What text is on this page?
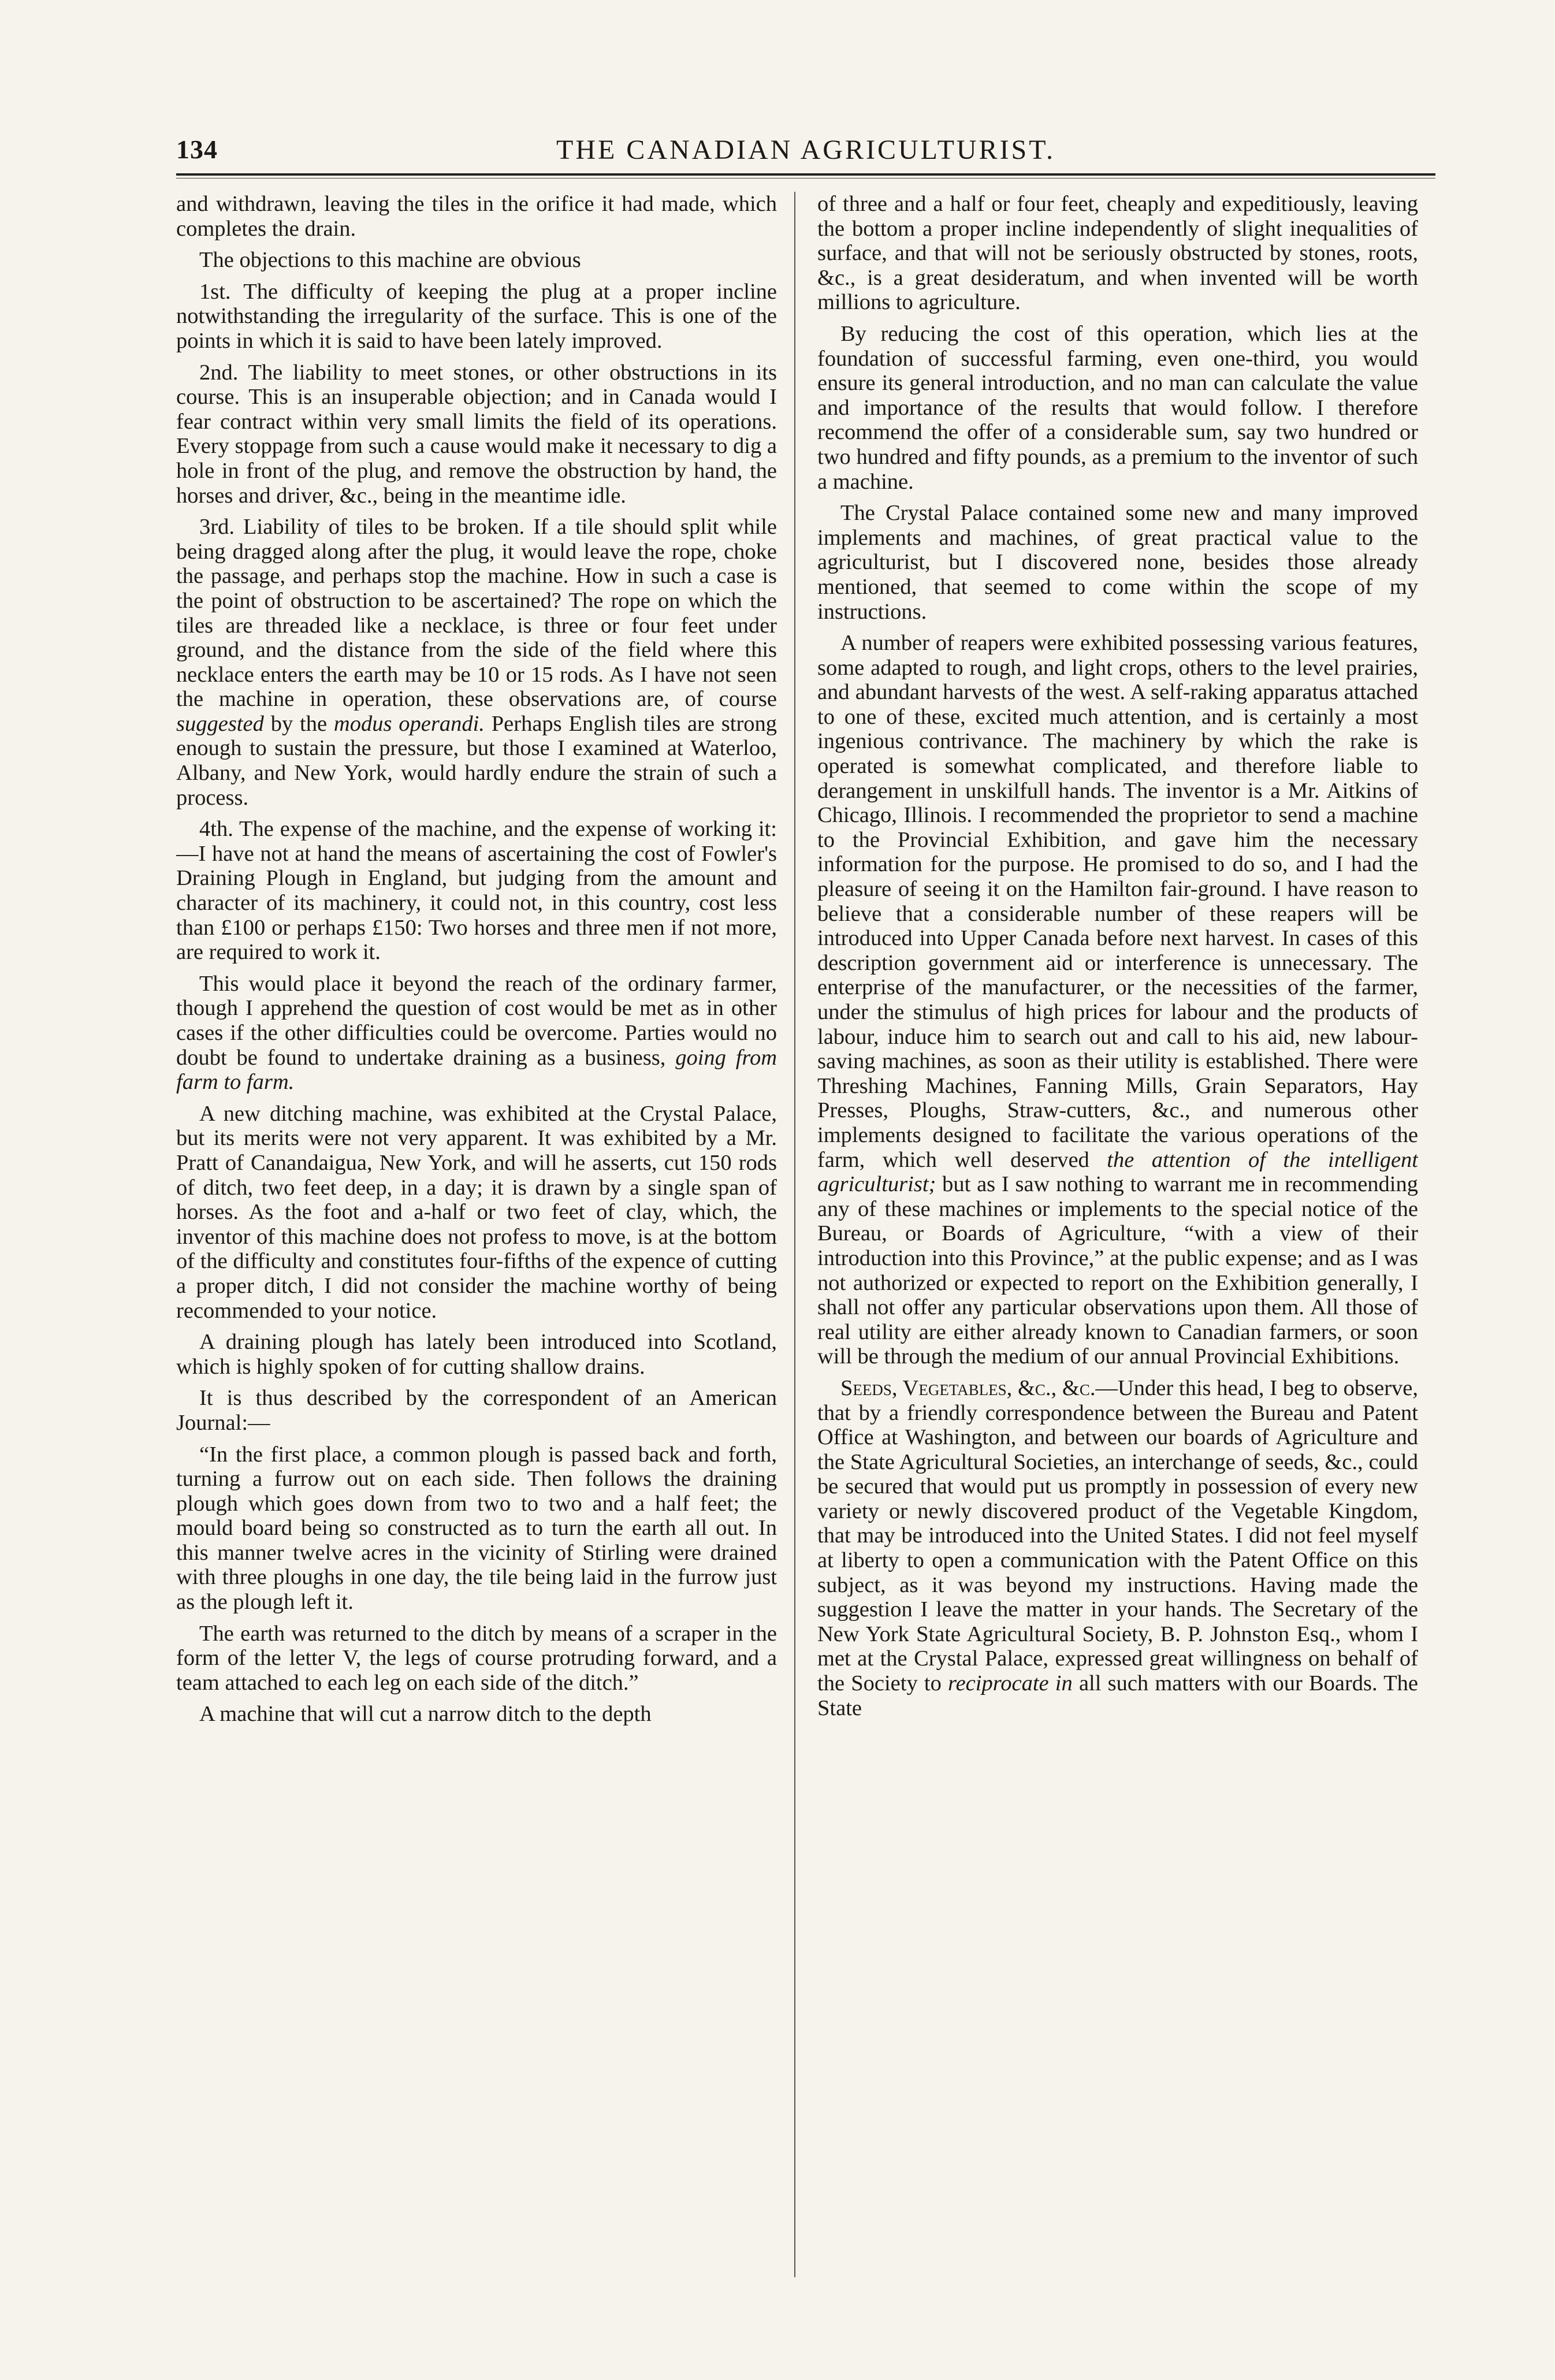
134	THE CANADIAN AGRICULTURIST.

and withdrawn, leaving the tiles in the orifice it had made, which completes the drain.

The objections to this machine are obvious

1st. The difficulty of keeping the plug at a proper incline notwithstanding the irregularity of the surface. This is one of the points in which it is said to have been lately improved.

2nd. The liability to meet stones, or other obstructions in its course. This is an insuperable objection; and in Canada would I fear contract within very small limits the field of its operations. Every stoppage from such a cause would make it necessary to dig a hole in front of the plug, and remove the obstruction by hand, the horses and driver, &c., being in the meantime idle.

3rd. Liability of tiles to be broken. If a tile should split while being dragged along after the plug, it would leave the rope, choke the passage, and perhaps stop the machine. How in such a case is the point of obstruction to be ascertained? The rope on which the tiles are threaded like a necklace, is three or four feet under ground, and the distance from the side of the field where this necklace enters the earth may be 10 or 15 rods. As I have not seen the machine in operation, these observations are, of course suggested by the modus operandi. Perhaps English tiles are strong enough to sustain the pressure, but those I examined at Waterloo, Albany, and New York, would hardly endure the strain of such a process.

4th. The expense of the machine, and the expense of working it:—I have not at hand the means of ascertaining the cost of Fowler's Draining Plough in England, but judging from the amount and character of its machinery, it could not, in this country, cost less than £100 or perhaps £150: Two horses and three men if not more, are required to work it.

This would place it beyond the reach of the ordinary farmer, though I apprehend the question of cost would be met as in other cases if the other difficulties could be overcome. Parties would no doubt be found to undertake draining as a business, going from farm to farm.

A new ditching machine, was exhibited at the Crystal Palace, but its merits were not very apparent. It was exhibited by a Mr. Pratt of Canandaigua, New York, and will he asserts, cut 150 rods of ditch, two feet deep, in a day; it is drawn by a single span of horses. As the foot and a-half or two feet of clay, which, the inventor of this machine does not profess to move, is at the bottom of the difficulty and constitutes four-fifths of the expence of cutting a proper ditch, I did not consider the machine worthy of being recommended to your notice.

A draining plough has lately been introduced into Scotland, which is highly spoken of for cutting shallow drains.

It is thus described by the correspondent of an American Journal:—

“In the first place, a common plough is passed back and forth, turning a furrow out on each side. Then follows the draining plough which goes down from two to two and a half feet; the mould board being so constructed as to turn the earth all out. In this manner twelve acres in the vicinity of Stirling were drained with three ploughs in one day, the tile being laid in the furrow just as the plough left it.

The earth was returned to the ditch by means of a scraper in the form of the letter V, the legs of course protruding forward, and a team attached to each leg on each side of the ditch.”

A machine that will cut a narrow ditch to the depth

of three and a half or four feet, cheaply and expeditiously, leaving the bottom a proper incline independently of slight inequalities of surface, and that will not be seriously obstructed by stones, roots, &c., is a great desideratum, and when invented will be worth millions to agriculture.

By reducing the cost of this operation, which lies at the foundation of successful farming, even one-third, you would ensure its general introduction, and no man can calculate the value and importance of the results that would follow. I therefore recommend the offer of a considerable sum, say two hundred or two hundred and fifty pounds, as a premium to the inventor of such a machine.

The Crystal Palace contained some new and many improved implements and machines, of great practical value to the agriculturist, but I discovered none, besides those already mentioned, that seemed to come within the scope of my instructions.

A number of reapers were exhibited possessing various features, some adapted to rough, and light crops, others to the level prairies, and abundant harvests of the west. A self-raking apparatus attached to one of these, excited much attention, and is certainly a most ingenious contrivance. The machinery by which the rake is operated is somewhat complicated, and therefore liable to derangement in unskilfull hands. The inventor is a Mr. Aitkins of Chicago, Illinois. I recommended the proprietor to send a machine to the Provincial Exhibition, and gave him the necessary information for the purpose. He promised to do so, and I had the pleasure of seeing it on the Hamilton fair-ground. I have reason to believe that a considerable number of these reapers will be introduced into Upper Canada before next harvest. In cases of this description government aid or interference is unnecessary. The enterprise of the manufacturer, or the necessities of the farmer, under the stimulus of high prices for labour and the products of labour, induce him to search out and call to his aid, new labour-saving machines, as soon as their utility is established. There were Threshing Machines, Fanning Mills, Grain Separators, Hay Presses, Ploughs, Straw-cutters, &c., and numerous other implements designed to facilitate the various operations of the farm, which well deserved the attention of the intelligent agriculturist; but as I saw nothing to warrant me in recommending any of these machines or implements to the special notice of the Bureau, or Boards of Agriculture, “with a view of their introduction into this Province,” at the public expense; and as I was not authorized or expected to report on the Exhibition generally, I shall not offer any particular observations upon them. All those of real utility are either already known to Canadian farmers, or soon will be through the medium of our annual Provincial Exhibitions.

Seeds, Vegetables, &c., &c.—Under this head, I beg to observe, that by a friendly correspondence between the Bureau and Patent Office at Washington, and between our boards of Agriculture and the State Agricultural Societies, an interchange of seeds, &c., could be secured that would put us promptly in possession of every new variety or newly discovered product of the Vegetable Kingdom, that may be introduced into the United States. I did not feel myself at liberty to open a communication with the Patent Office on this subject, as it was beyond my instructions. Having made the suggestion I leave the matter in your hands. The Secretary of the New York State Agricultural Society, B. P. Johnston Esq., whom I met at the Crystal Palace, expressed great willingness on behalf of the Society to reciprocate in all such matters with our Boards. The State
